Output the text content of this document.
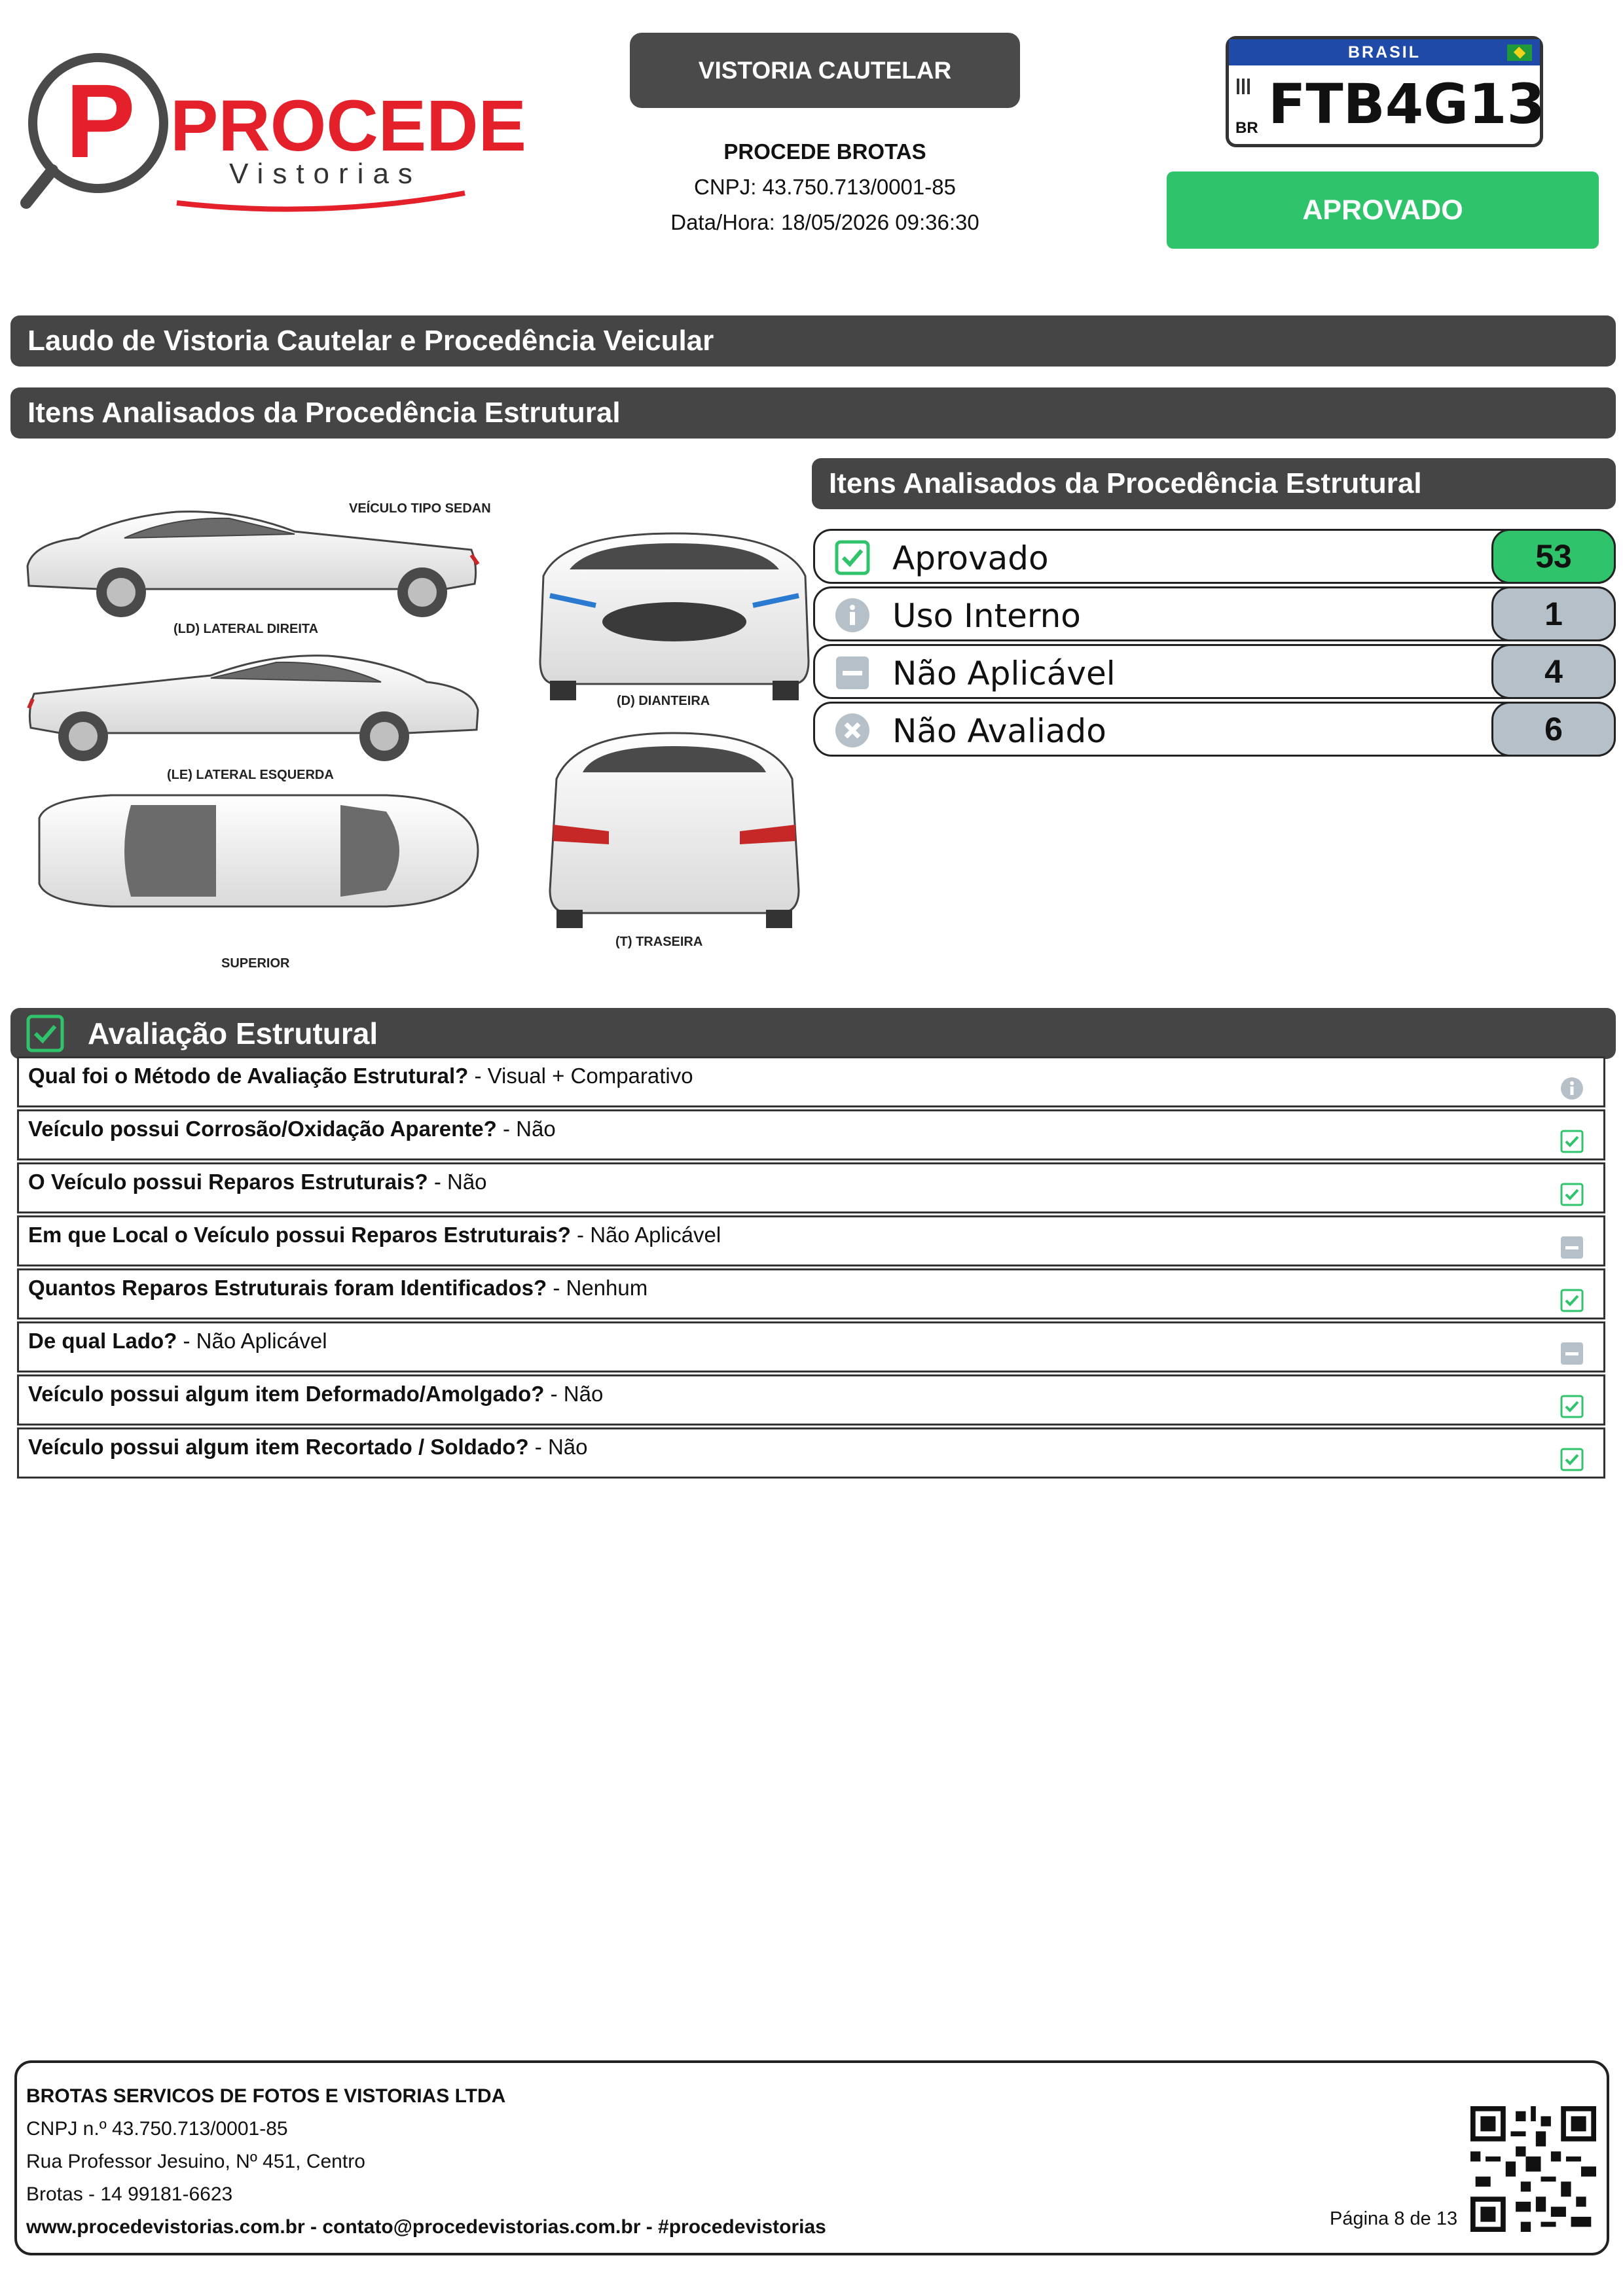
P PROCEDE
Vistorias
VISTORIA CAUTELAR
PROCEDE BROTAS
CNPJ: 43.750.713/0001-85
Data/Hora: 18/05/2026 09:36:30
BRASIL
FTB4G13
BR
APROVADO
Laudo de Vistoria Cautelar e Procedência Veicular
Itens Analisados da Procedência Estrutural
Itens Analisados da Procedência Estrutural
VEÍCULO TIPO SEDAN
(LD) LATERAL DIREITA
(LE) LATERAL ESQUERDA
SUPERIOR
(D) DIANTEIRA
(T) TRASEIRA
Aprovado	53
Uso Interno	1
Não Aplicável	4
Não Avaliado	6
Avaliação Estrutural
Qual foi o Método de Avaliação Estrutural? - Visual + Comparativo
Veículo possui Corrosão/Oxidação Aparente? - Não
O Veículo possui Reparos Estruturais? - Não
Em que Local o Veículo possui Reparos Estruturais? - Não Aplicável
Quantos Reparos Estruturais foram Identificados? - Nenhum
De qual Lado? - Não Aplicável
Veículo possui algum item Deformado/Amolgado? - Não
Veículo possui algum item Recortado / Soldado? - Não
BROTAS SERVICOS DE FOTOS E VISTORIAS LTDA
CNPJ n.º 43.750.713/0001-85
Rua Professor Jesuino, Nº 451, Centro
Brotas - 14 99181-6623
www.procedevistorias.com.br - contato@procedevistorias.com.br - #procedevistorias	Página 8 de 13
